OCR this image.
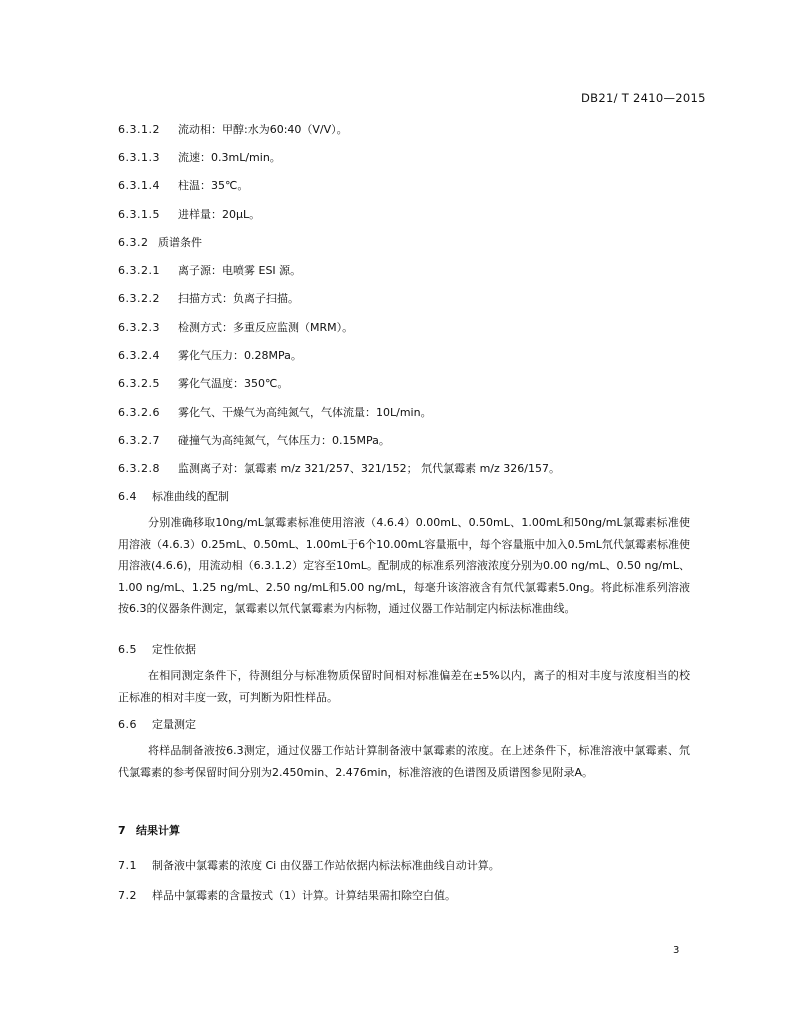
DB21/ T 2410—2015
6.3.1.2 流动相：甲醇:水为60:40（V/V）。
6.3.1.3 流速：0.3mL/min。
6.3.1.4 柱温：35℃。
6.3.1.5 进样量：20μL。
6.3.2 质谱条件
6.3.2.1 离子源：电喷雾 ESI 源。
6.3.2.2 扫描方式：负离子扫描。
6.3.2.3 检测方式：多重反应监测（MRM）。
6.3.2.4 雾化气压力：0.28MPa。
6.3.2.5 雾化气温度：350℃。
6.3.2.6 雾化气、干燥气为高纯氮气，气体流量：10L/min。
6.3.2.7 碰撞气为高纯氮气，气体压力：0.15MPa。
6.3.2.8 监测离子对：氯霉素 m/z 321/257、321/152； 氘代氯霉素 m/z 326/157。
6.4 标准曲线的配制
分别准确移取10ng/mL氯霉素标准使用溶液（4.6.4）0.00mL、0.50mL、1.00mL和50ng/mL氯霉素标准使用溶液（4.6.3）0.25mL、0.50mL、1.00mL于6个10.00mL容量瓶中，每个容量瓶中加入0.5mL氘代氯霉素标准使用溶液(4.6.6)，用流动相（6.3.1.2）定容至10mL。配制成的标准系列溶液浓度分别为0.00 ng/mL、0.50 ng/mL、1.00 ng/mL、1.25 ng/mL、2.50 ng/mL和5.00 ng/mL，每毫升该溶液含有氘代氯霉素5.0ng。将此标准系列溶液按6.3的仪器条件测定，氯霉素以氘代氯霉素为内标物，通过仪器工作站制定内标法标准曲线。
6.5 定性依据
在相同测定条件下，待测组分与标准物质保留时间相对标准偏差在±5%以内，离子的相对丰度与浓度相当的校正标准的相对丰度一致，可判断为阳性样品。
6.6 定量测定
将样品制备液按6.3测定，通过仪器工作站计算制备液中氯霉素的浓度。在上述条件下，标准溶液中氯霉素、氘代氯霉素的参考保留时间分别为2.450min、2.476min，标准溶液的色谱图及质谱图参见附录A。
7 结果计算
7.1 制备液中氯霉素的浓度 Ci 由仪器工作站依据内标法标准曲线自动计算。
7.2 样品中氯霉素的含量按式（1）计算。计算结果需扣除空白值。
3
